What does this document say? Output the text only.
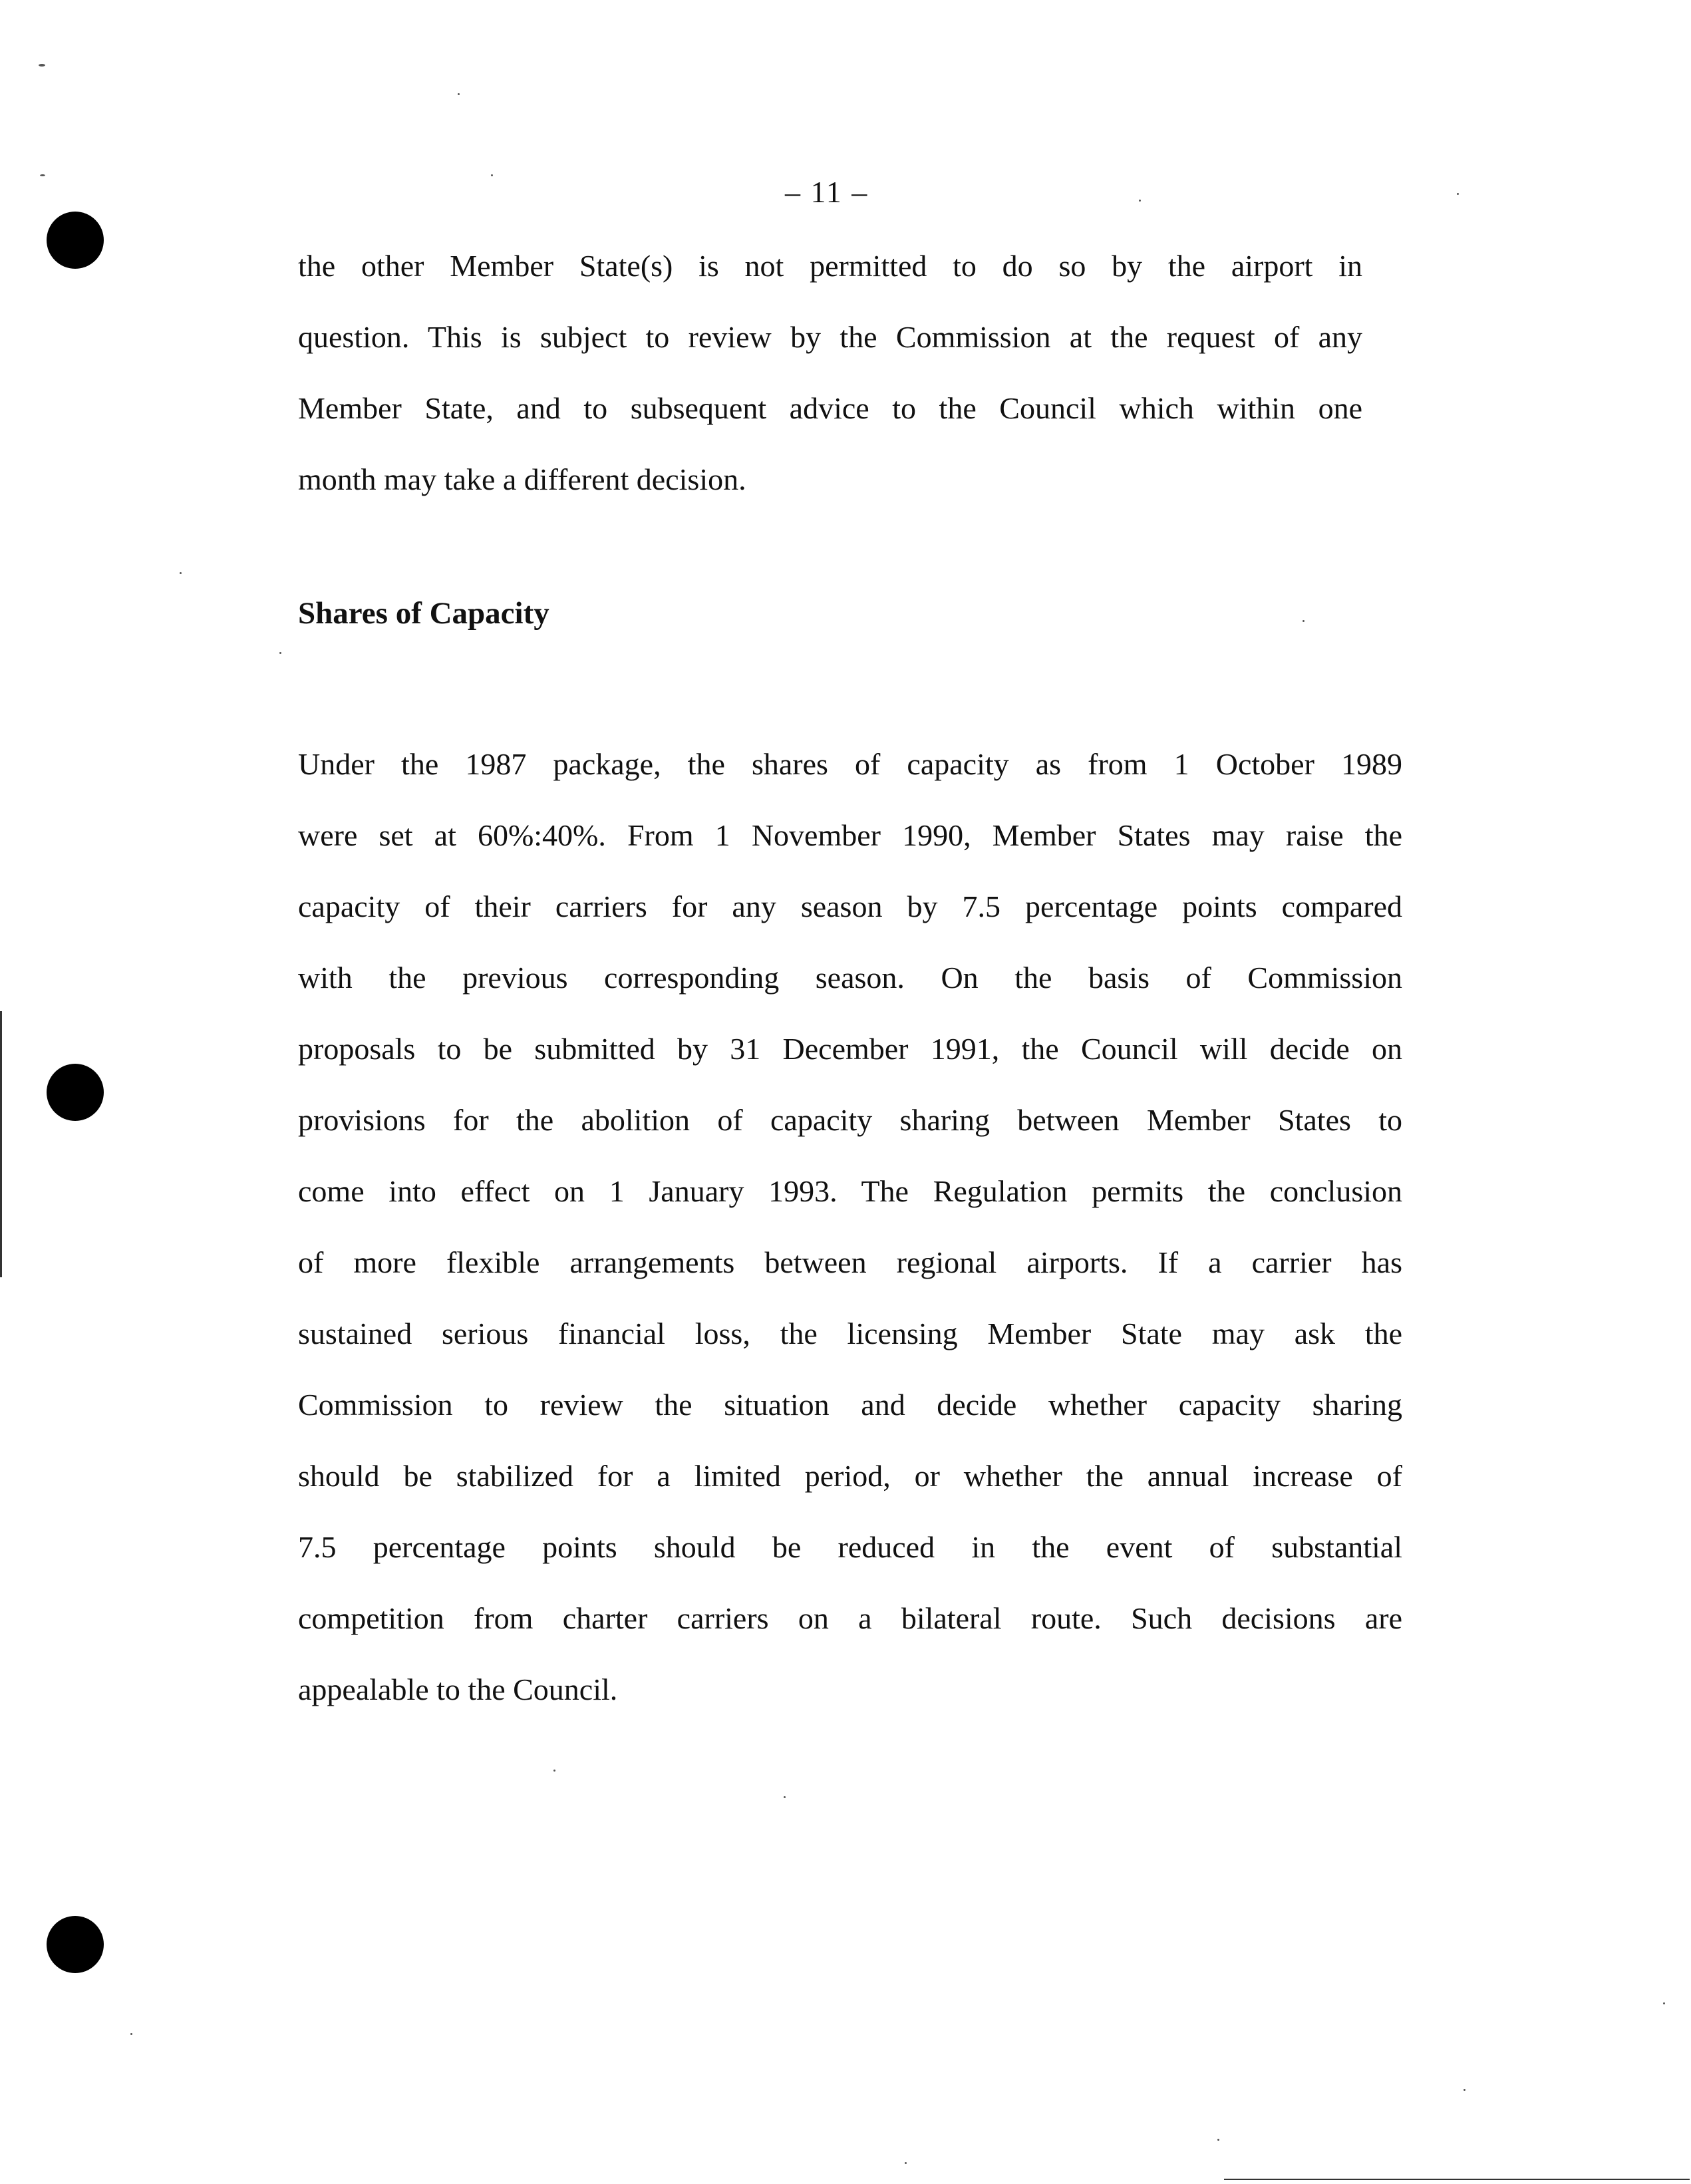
– 11 –
the other Member State(s) is not permitted to do so by the airport in
question. This is subject to review by the Commission at the request of any
Member State, and to subsequent advice to the Council which within one
month may take a different decision.
Shares of Capacity
Under the 1987 package, the shares of capacity as from 1 October 1989
were set at 60%:40%. From 1 November 1990, Member States may raise the
capacity of their carriers for any season by 7.5 percentage points compared
with the previous corresponding season. On the basis of Commission
proposals to be submitted by 31 December 1991, the Council will decide on
provisions for the abolition of capacity sharing between Member States to
come into effect on 1 January 1993. The Regulation permits the conclusion
of more flexible arrangements between regional airports. If a carrier has
sustained serious financial loss, the licensing Member State may ask the
Commission to review the situation and decide whether capacity sharing
should be stabilized for a limited period, or whether the annual increase of
7.5 percentage points should be reduced in the event of substantial
competition from charter carriers on a bilateral route. Such decisions are
appealable to the Council.
